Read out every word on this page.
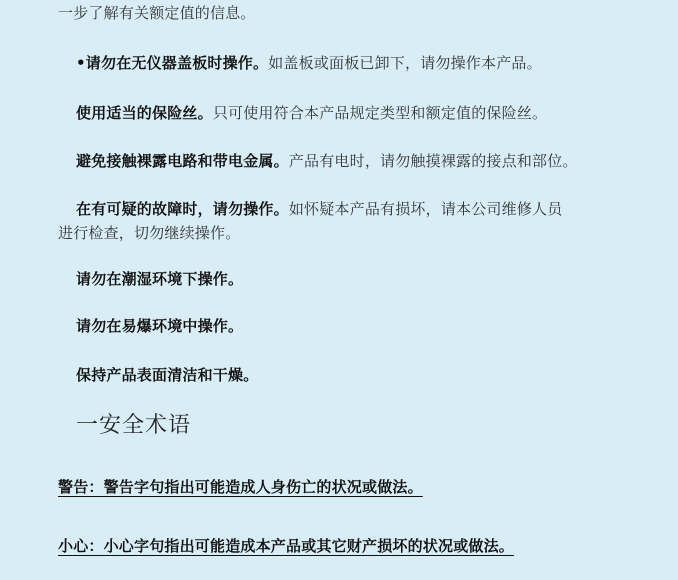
一步了解有关额定值的信息。
•请勿在无仪器盖板时操作。如盖板或面板已卸下，请勿操作本产品。
使用适当的保险丝。只可使用符合本产品规定类型和额定值的保险丝。
避免接触裸露电路和带电金属。产品有电时，请勿触摸裸露的接点和部位。
在有可疑的故障时，请勿操作。如怀疑本产品有损坏，请本公司维修人员
进行检查，切勿继续操作。
请勿在潮湿环境下操作。
请勿在易爆环境中操作。
保持产品表面清洁和干燥。
一安全术语
警告：警告字句指出可能造成人身伤亡的状况或做法。
小心：小心字句指出可能造成本产品或其它财产损坏的状况或做法。
